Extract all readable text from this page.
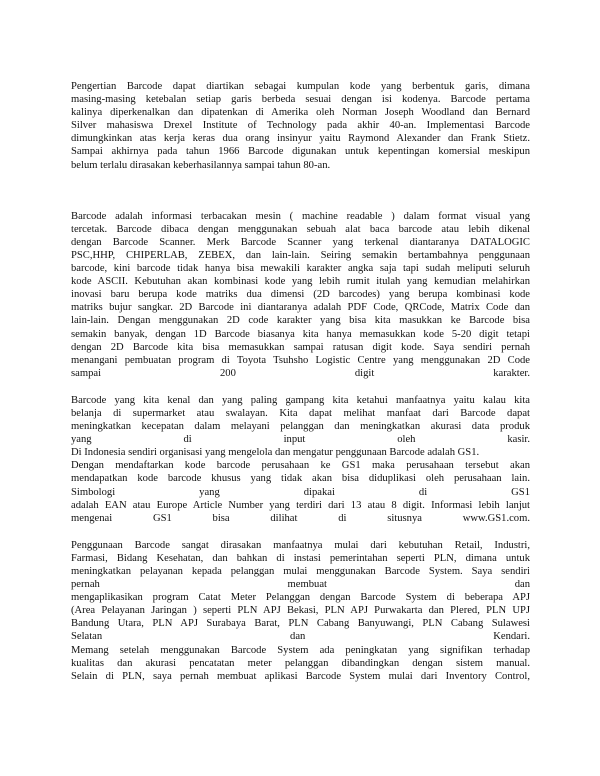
Pengertian Barcode dapat diartikan sebagai kumpulan kode yang berbentuk garis, dimana
masing-masing ketebalan setiap garis berbeda sesuai dengan isi kodenya. Barcode pertama
kalinya diperkenalkan dan dipatenkan di Amerika oleh Norman Joseph Woodland dan Bernard
Silver mahasiswa Drexel Institute of Technology pada akhir 40-an. Implementasi Barcode
dimungkinkan atas kerja keras dua orang insinyur yaitu Raymond Alexander dan Frank Stietz.
Sampai akhirnya pada tahun 1966 Barcode digunakan untuk kepentingan komersial meskipun
belum terlalu dirasakan keberhasilannya sampai tahun 80-an.
Barcode adalah informasi terbacakan mesin ( machine readable ) dalam format visual yang
tercetak. Barcode dibaca dengan menggunakan sebuah alat baca barcode atau lebih dikenal
dengan Barcode Scanner. Merk Barcode Scanner yang terkenal diantaranya DATALOGIC
PSC,HHP, CHIPERLAB, ZEBEX, dan lain-lain. Seiring semakin bertambahnya penggunaan
barcode, kini barcode tidak hanya bisa mewakili karakter angka saja tapi sudah meliputi seluruh
kode ASCII. Kebutuhan akan kombinasi kode yang lebih rumit itulah yang kemudian melahirkan
inovasi baru berupa kode matriks dua dimensi (2D barcodes) yang berupa kombinasi kode
matriks bujur sangkar. 2D Barcode ini diantaranya adalah PDF Code, QRCode, Matrix Code dan
lain-lain. Dengan menggunakan 2D code karakter yang bisa kita masukkan ke Barcode bisa
semakin banyak, dengan 1D Barcode biasanya kita hanya memasukkan kode 5-20 digit tetapi
dengan 2D Barcode kita bisa memasukkan sampai ratusan digit kode. Saya sendiri pernah
menangani pembuatan program di Toyota Tsuhsho Logistic Centre yang menggunakan 2D Code
sampai 200 digit karakter.
Barcode yang kita kenal dan yang paling gampang kita ketahui manfaatnya yaitu kalau kita
belanja di supermarket atau swalayan. Kita dapat melihat manfaat dari Barcode dapat
meningkatkan kecepatan dalam melayani pelanggan dan meningkatkan akurasi data produk
yang di input oleh kasir.
Di Indonesia sendiri organisasi yang mengelola dan mengatur penggunaan Barcode adalah GS1.
Dengan mendaftarkan kode barcode perusahaan ke GS1 maka perusahaan tersebut akan
mendapatkan kode barcode khusus yang tidak akan bisa diduplikasi oleh perusahaan lain.
Simbologi yang dipakai di GS1
adalah EAN atau Europe Article Number yang terdiri dari 13 atau 8 digit. Informasi lebih lanjut
mengenai GS1 bisa dilihat di situsnya www.GS1.com.
Penggunaan Barcode sangat dirasakan manfaatnya mulai dari kebutuhan Retail, Industri,
Farmasi, Bidang Kesehatan, dan bahkan di instasi pemerintahan seperti PLN, dimana untuk
meningkatkan pelayanan kepada pelanggan mulai menggunakan Barcode System. Saya sendiri
pernah membuat dan
mengaplikasikan program Catat Meter Pelanggan dengan Barcode System di beberapa APJ
(Area Pelayanan Jaringan ) seperti PLN APJ Bekasi, PLN APJ Purwakarta dan Plered, PLN UPJ
Bandung Utara, PLN APJ Surabaya Barat, PLN Cabang Banyuwangi, PLN Cabang Sulawesi
Selatan dan Kendari.
Memang setelah menggunakan Barcode System ada peningkatan yang signifikan terhadap
kualitas dan akurasi pencatatan meter pelanggan dibandingkan dengan sistem manual.
Selain di PLN, saya pernah membuat aplikasi Barcode System mulai dari Inventory Control,
